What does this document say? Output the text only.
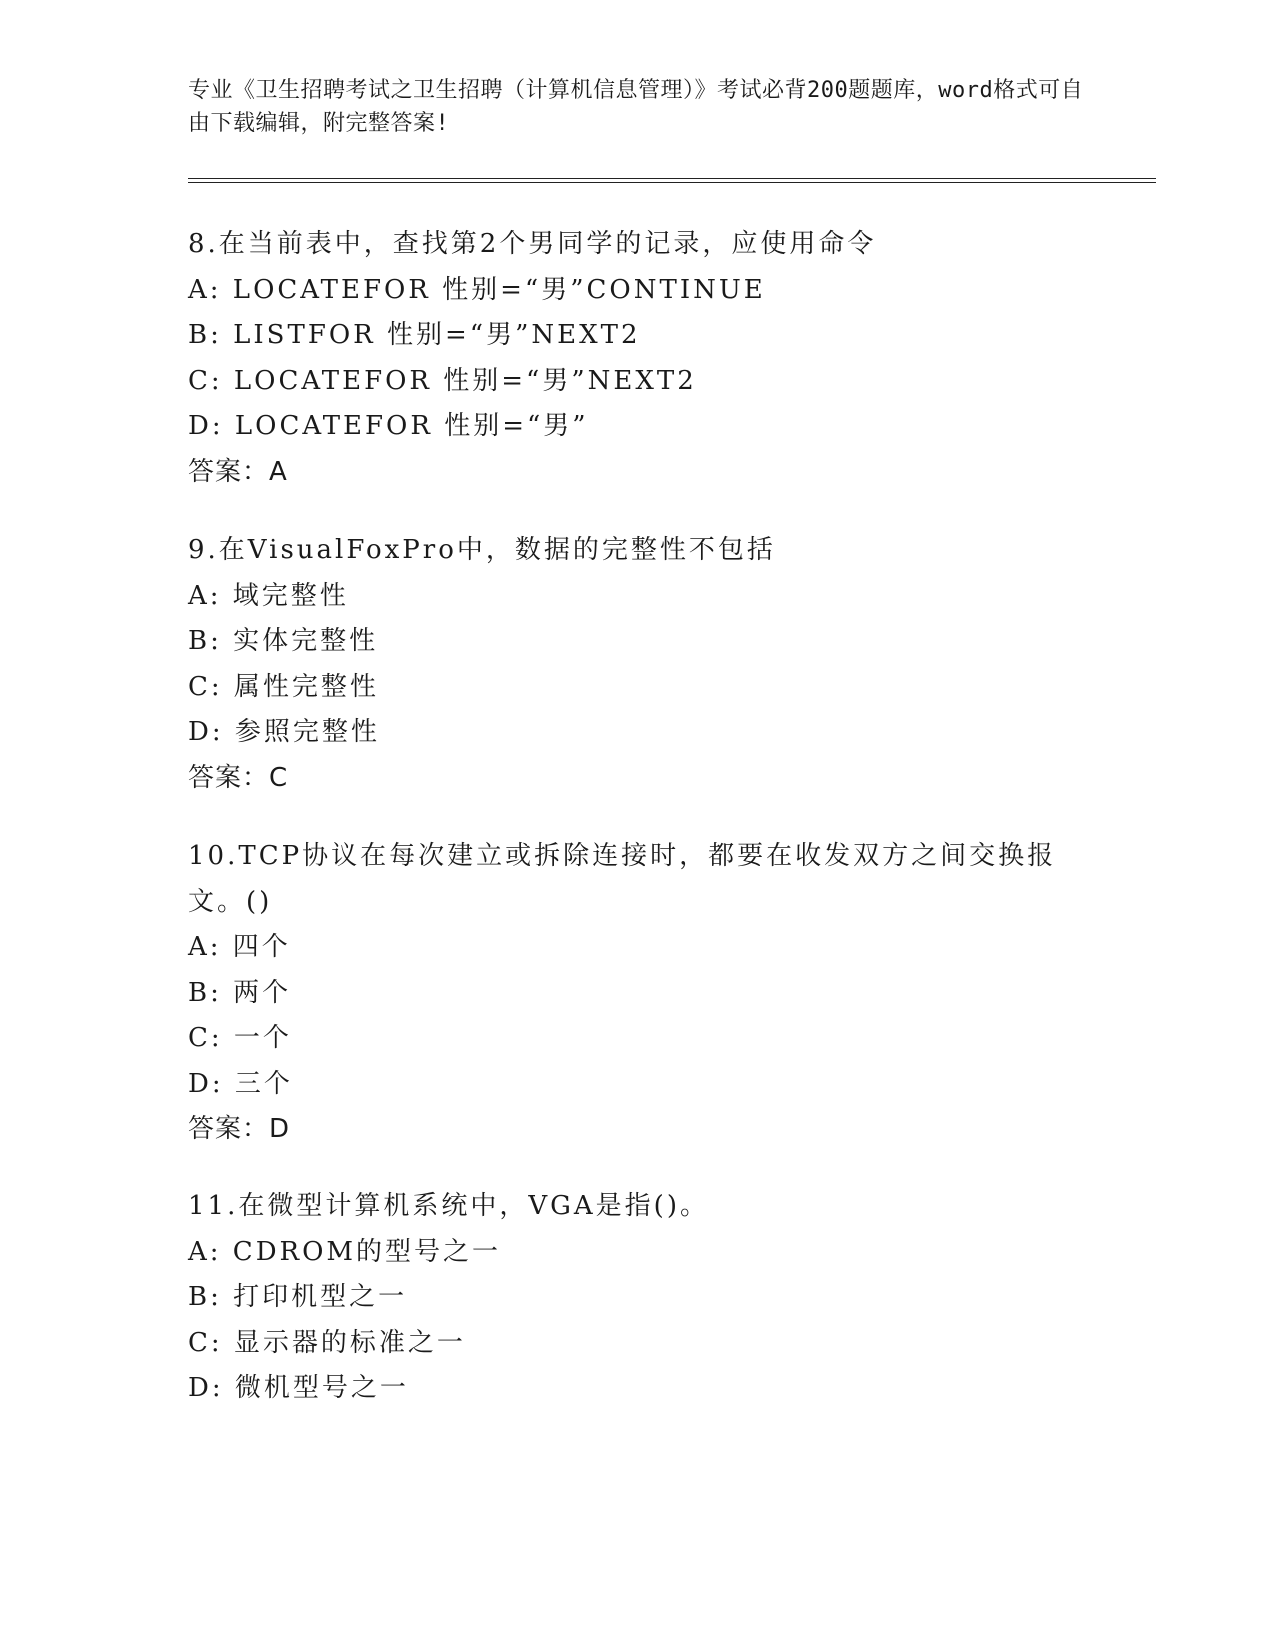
专业《卫生招聘考试之卫生招聘（计算机信息管理）》考试必背200题题库，word格式可自由下载编辑，附完整答案!
8.在当前表中，查找第2个男同学的记录，应使用命令
A: LOCATEFOR 性别=“男”CONTINUE
B: LISTFOR 性别=“男”NEXT2
C: LOCATEFOR 性别=“男”NEXT2
D: LOCATEFOR 性别=“男”
答案：A
9.在VisualFoxPro中，数据的完整性不包括
A: 域完整性
B: 实体完整性
C: 属性完整性
D: 参照完整性
答案：C
10.TCP协议在每次建立或拆除连接时，都要在收发双方之间交换报文。()
A: 四个
B: 两个
C: 一个
D: 三个
答案：D
11.在微型计算机系统中，VGA是指()。
A: CDROM的型号之一
B: 打印机型之一
C: 显示器的标准之一
D: 微机型号之一
